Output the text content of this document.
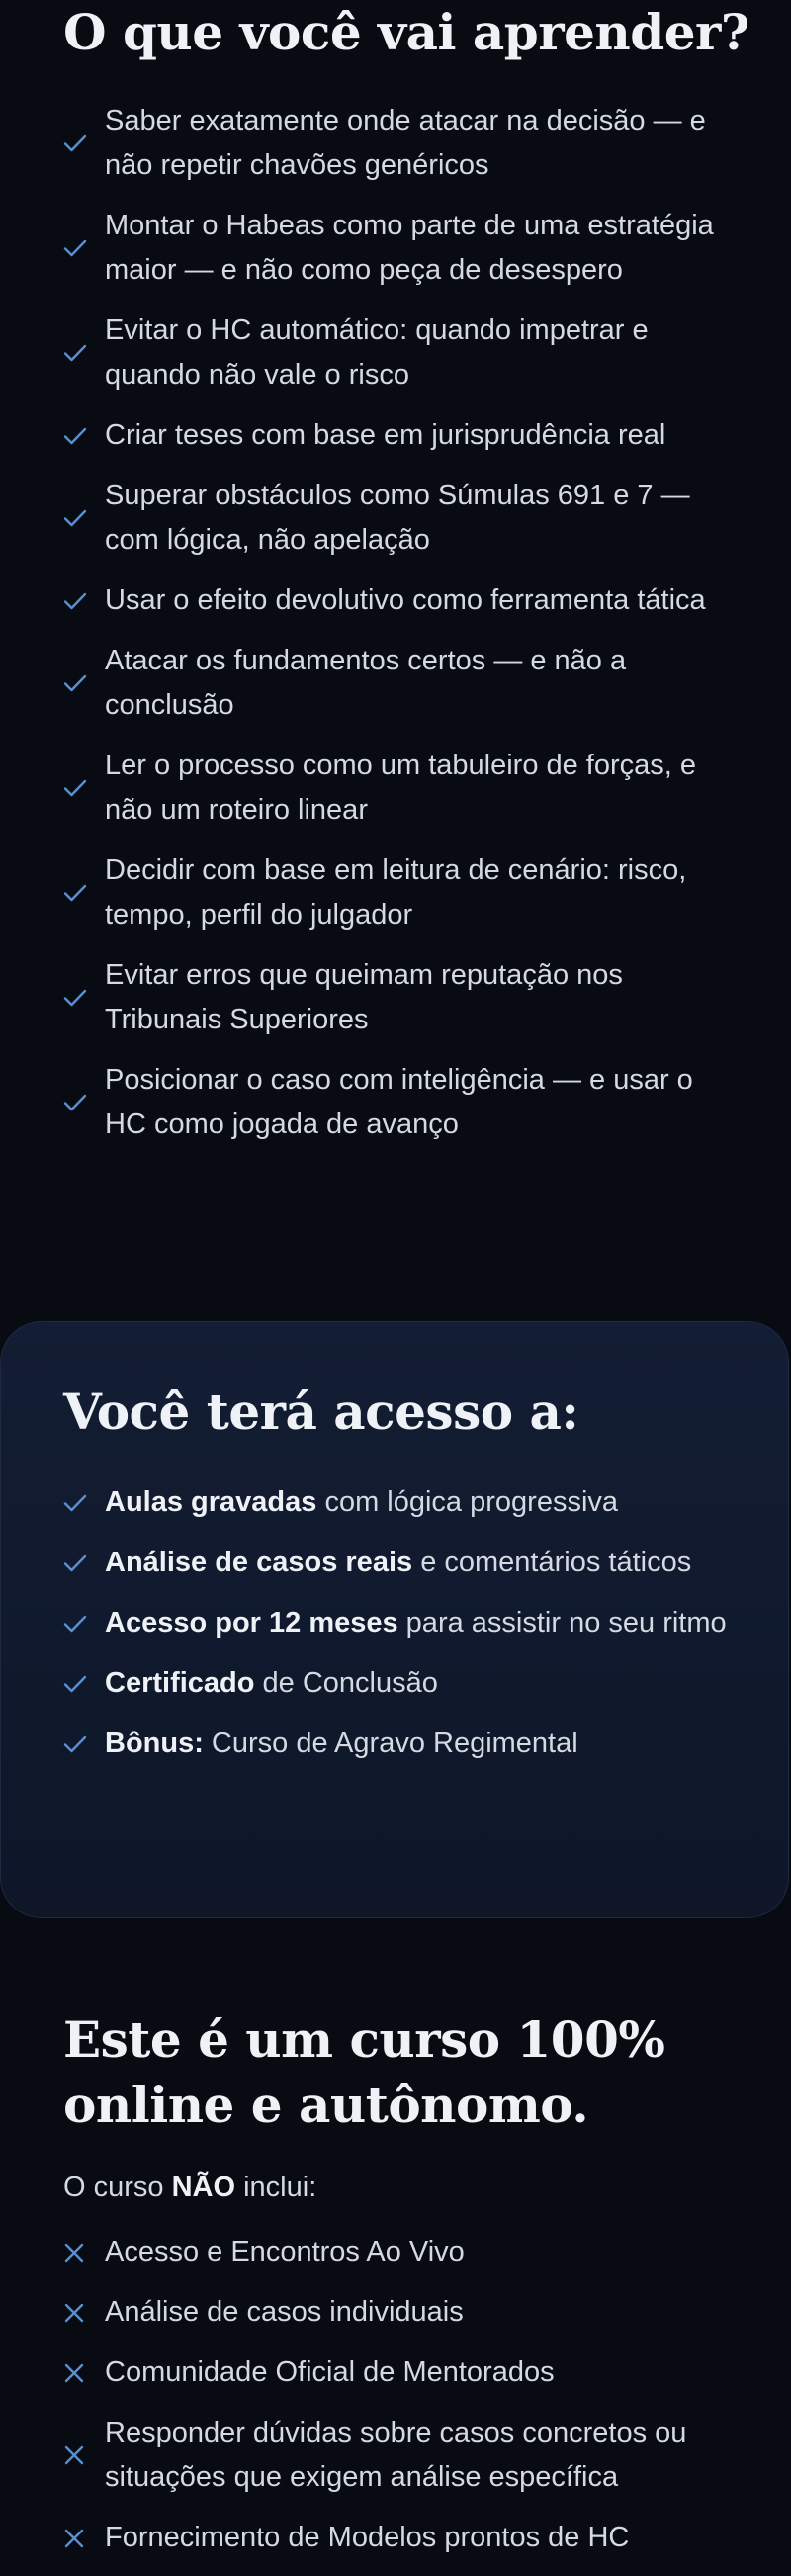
O que você vai aprender?
Saber exatamente onde atacar na decisão — e não repetir chavões genéricos
Montar o Habeas como parte de uma estratégia maior — e não como peça de desespero
Evitar o HC automático: quando impetrar e quando não vale o risco
Criar teses com base em jurisprudência real
Superar obstáculos como Súmulas 691 e 7 — com lógica, não apelação
Usar o efeito devolutivo como ferramenta tática
Atacar os fundamentos certos — e não a conclusão
Ler o processo como um tabuleiro de forças, e não um roteiro linear
Decidir com base em leitura de cenário: risco, tempo, perfil do julgador
Evitar erros que queimam reputação nos Tribunais Superiores
Posicionar o caso com inteligência — e usar o HC como jogada de avanço
Você terá acesso a:
Aulas gravadas com lógica progressiva
Análise de casos reais e comentários táticos
Acesso por 12 meses para assistir no seu ritmo
Certificado de Conclusão
Bônus: Curso de Agravo Regimental
Este é um curso 100% online e autônomo.

O curso NÃO inclui:

Acesso e Encontros Ao Vivo
Análise de casos individuais
Comunidade Oficial de Mentorados
Responder dúvidas sobre casos concretos ou situações que exigem análise específica
Fornecimento de Modelos prontos de HC
